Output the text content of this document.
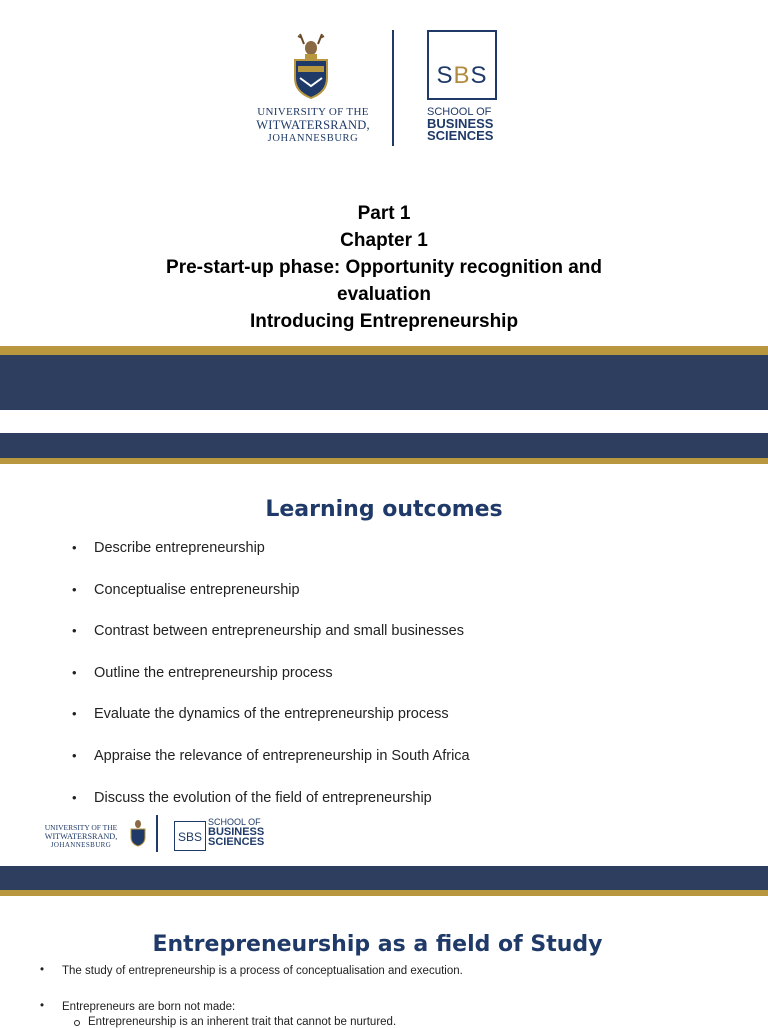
UNIVERSITY OF THE
WITWATERSRAND,
JOHANNESBURG
SBS
SCHOOL OF
BUSINESS
SCIENCES
Part 1
Chapter 1
Pre-start-up phase: Opportunity recognition and
evaluation
Introducing Entrepreneurship
Learning outcomes
• Describe entrepreneurship
• Conceptualise entrepreneurship
• Contrast between entrepreneurship and small businesses
• Outline the entrepreneurship process
• Evaluate the dynamics of the entrepreneurship process
• Appraise the relevance of entrepreneurship in South Africa
• Discuss the evolution of the field of entrepreneurship
UNIVERSITY OF THE
WITWATERSRAND,
JOHANNESBURG
SBS
SCHOOL OF
BUSINESS
SCIENCES
Entrepreneurship as a field of Study
• The study of entrepreneurship is a process of conceptualisation and execution.
• Entrepreneurs are born not made:
Entrepreneurship is an inherent trait that cannot be nurtured.
